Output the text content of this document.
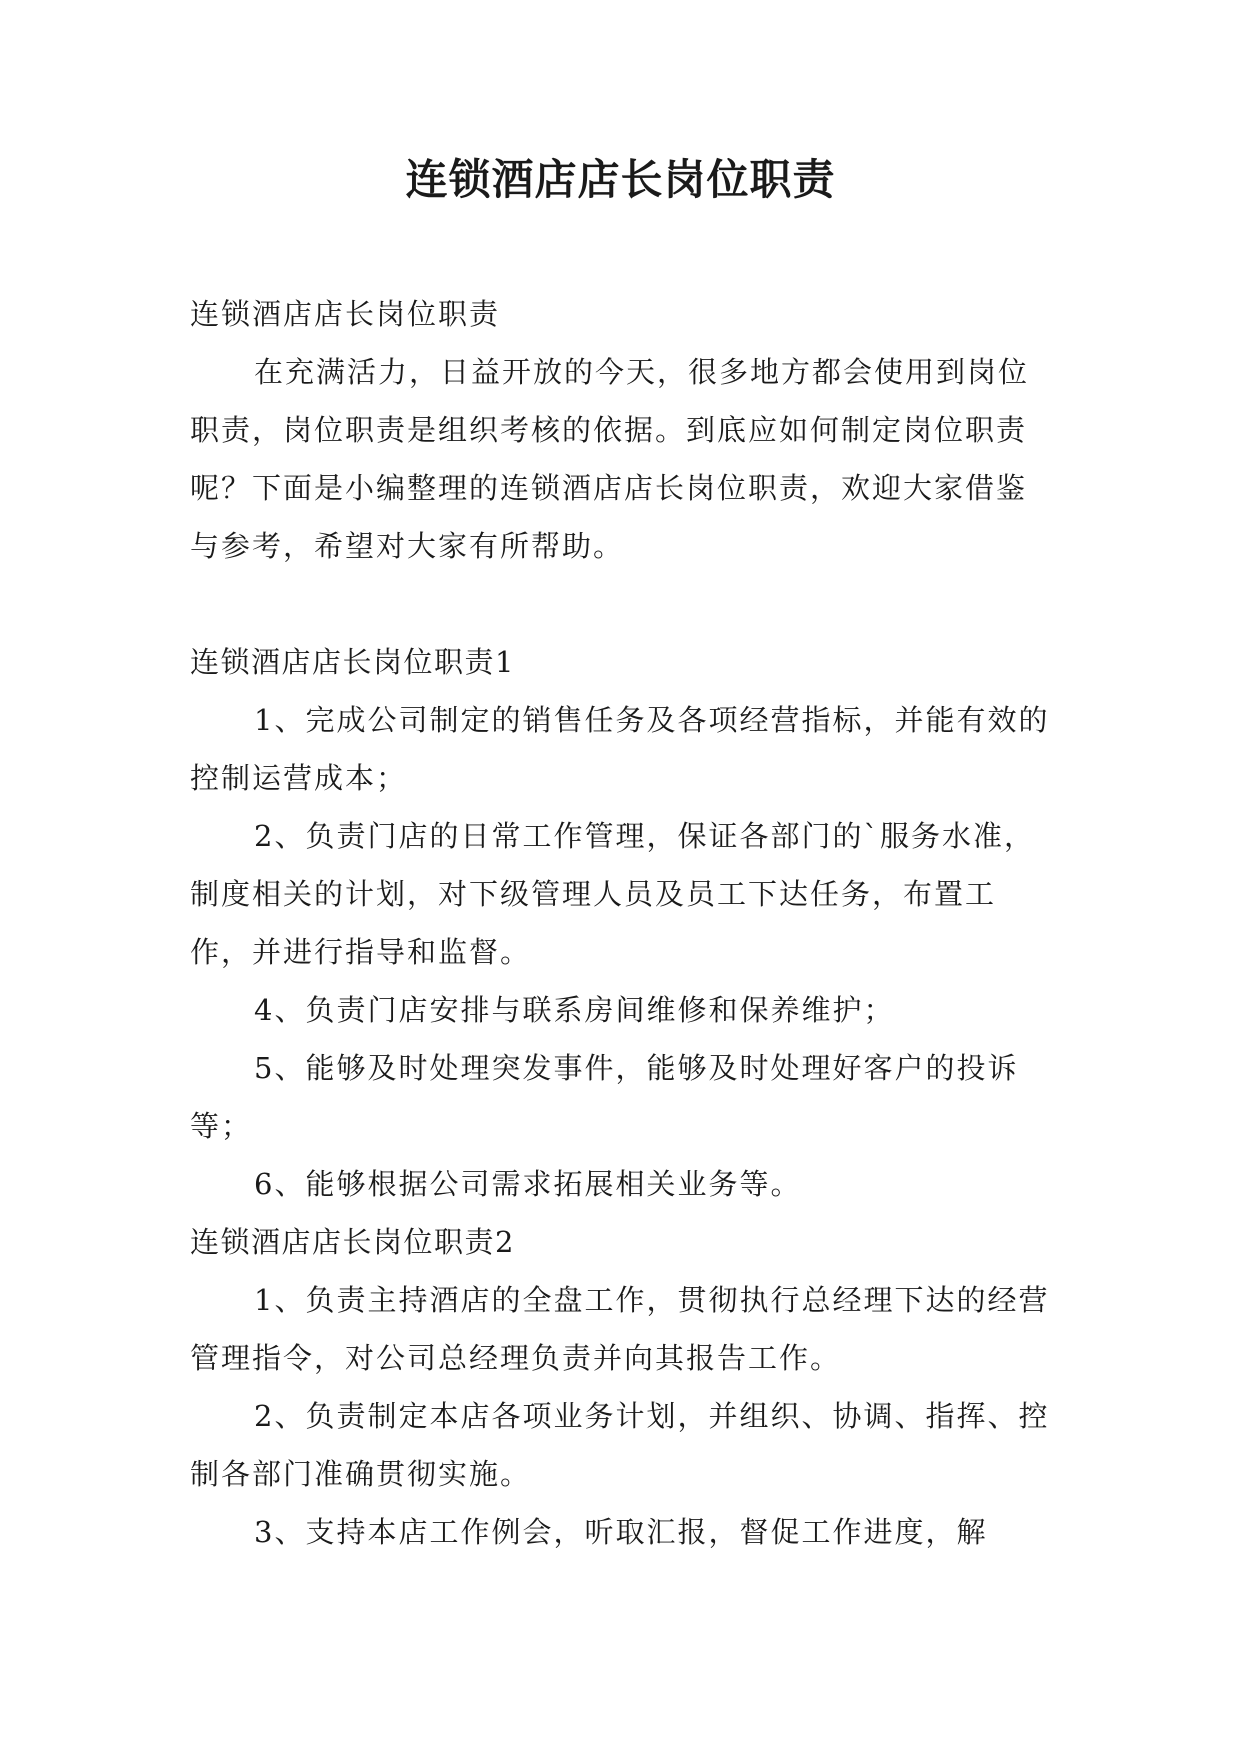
连锁酒店店长岗位职责

连锁酒店店长岗位职责

在充满活力，日益开放的今天，很多地方都会使用到岗位职责，岗位职责是组织考核的依据。到底应如何制定岗位职责呢？下面是小编整理的连锁酒店店长岗位职责，欢迎大家借鉴与参考，希望对大家有所帮助。

连锁酒店店长岗位职责1

1、完成公司制定的销售任务及各项经营指标，并能有效的控制运营成本；

2、负责门店的日常工作管理，保证各部门的`服务水准，制度相关的计划，对下级管理人员及员工下达任务，布置工作，并进行指导和监督。

4、负责门店安排与联系房间维修和保养维护；

5、能够及时处理突发事件，能够及时处理好客户的投诉等；

6、能够根据公司需求拓展相关业务等。

连锁酒店店长岗位职责2

1、负责主持酒店的全盘工作，贯彻执行总经理下达的经营管理指令，对公司总经理负责并向其报告工作。

2、负责制定本店各项业务计划，并组织、协调、指挥、控制各部门准确贯彻实施。

3、支持本店工作例会，听取汇报，督促工作进度，解
